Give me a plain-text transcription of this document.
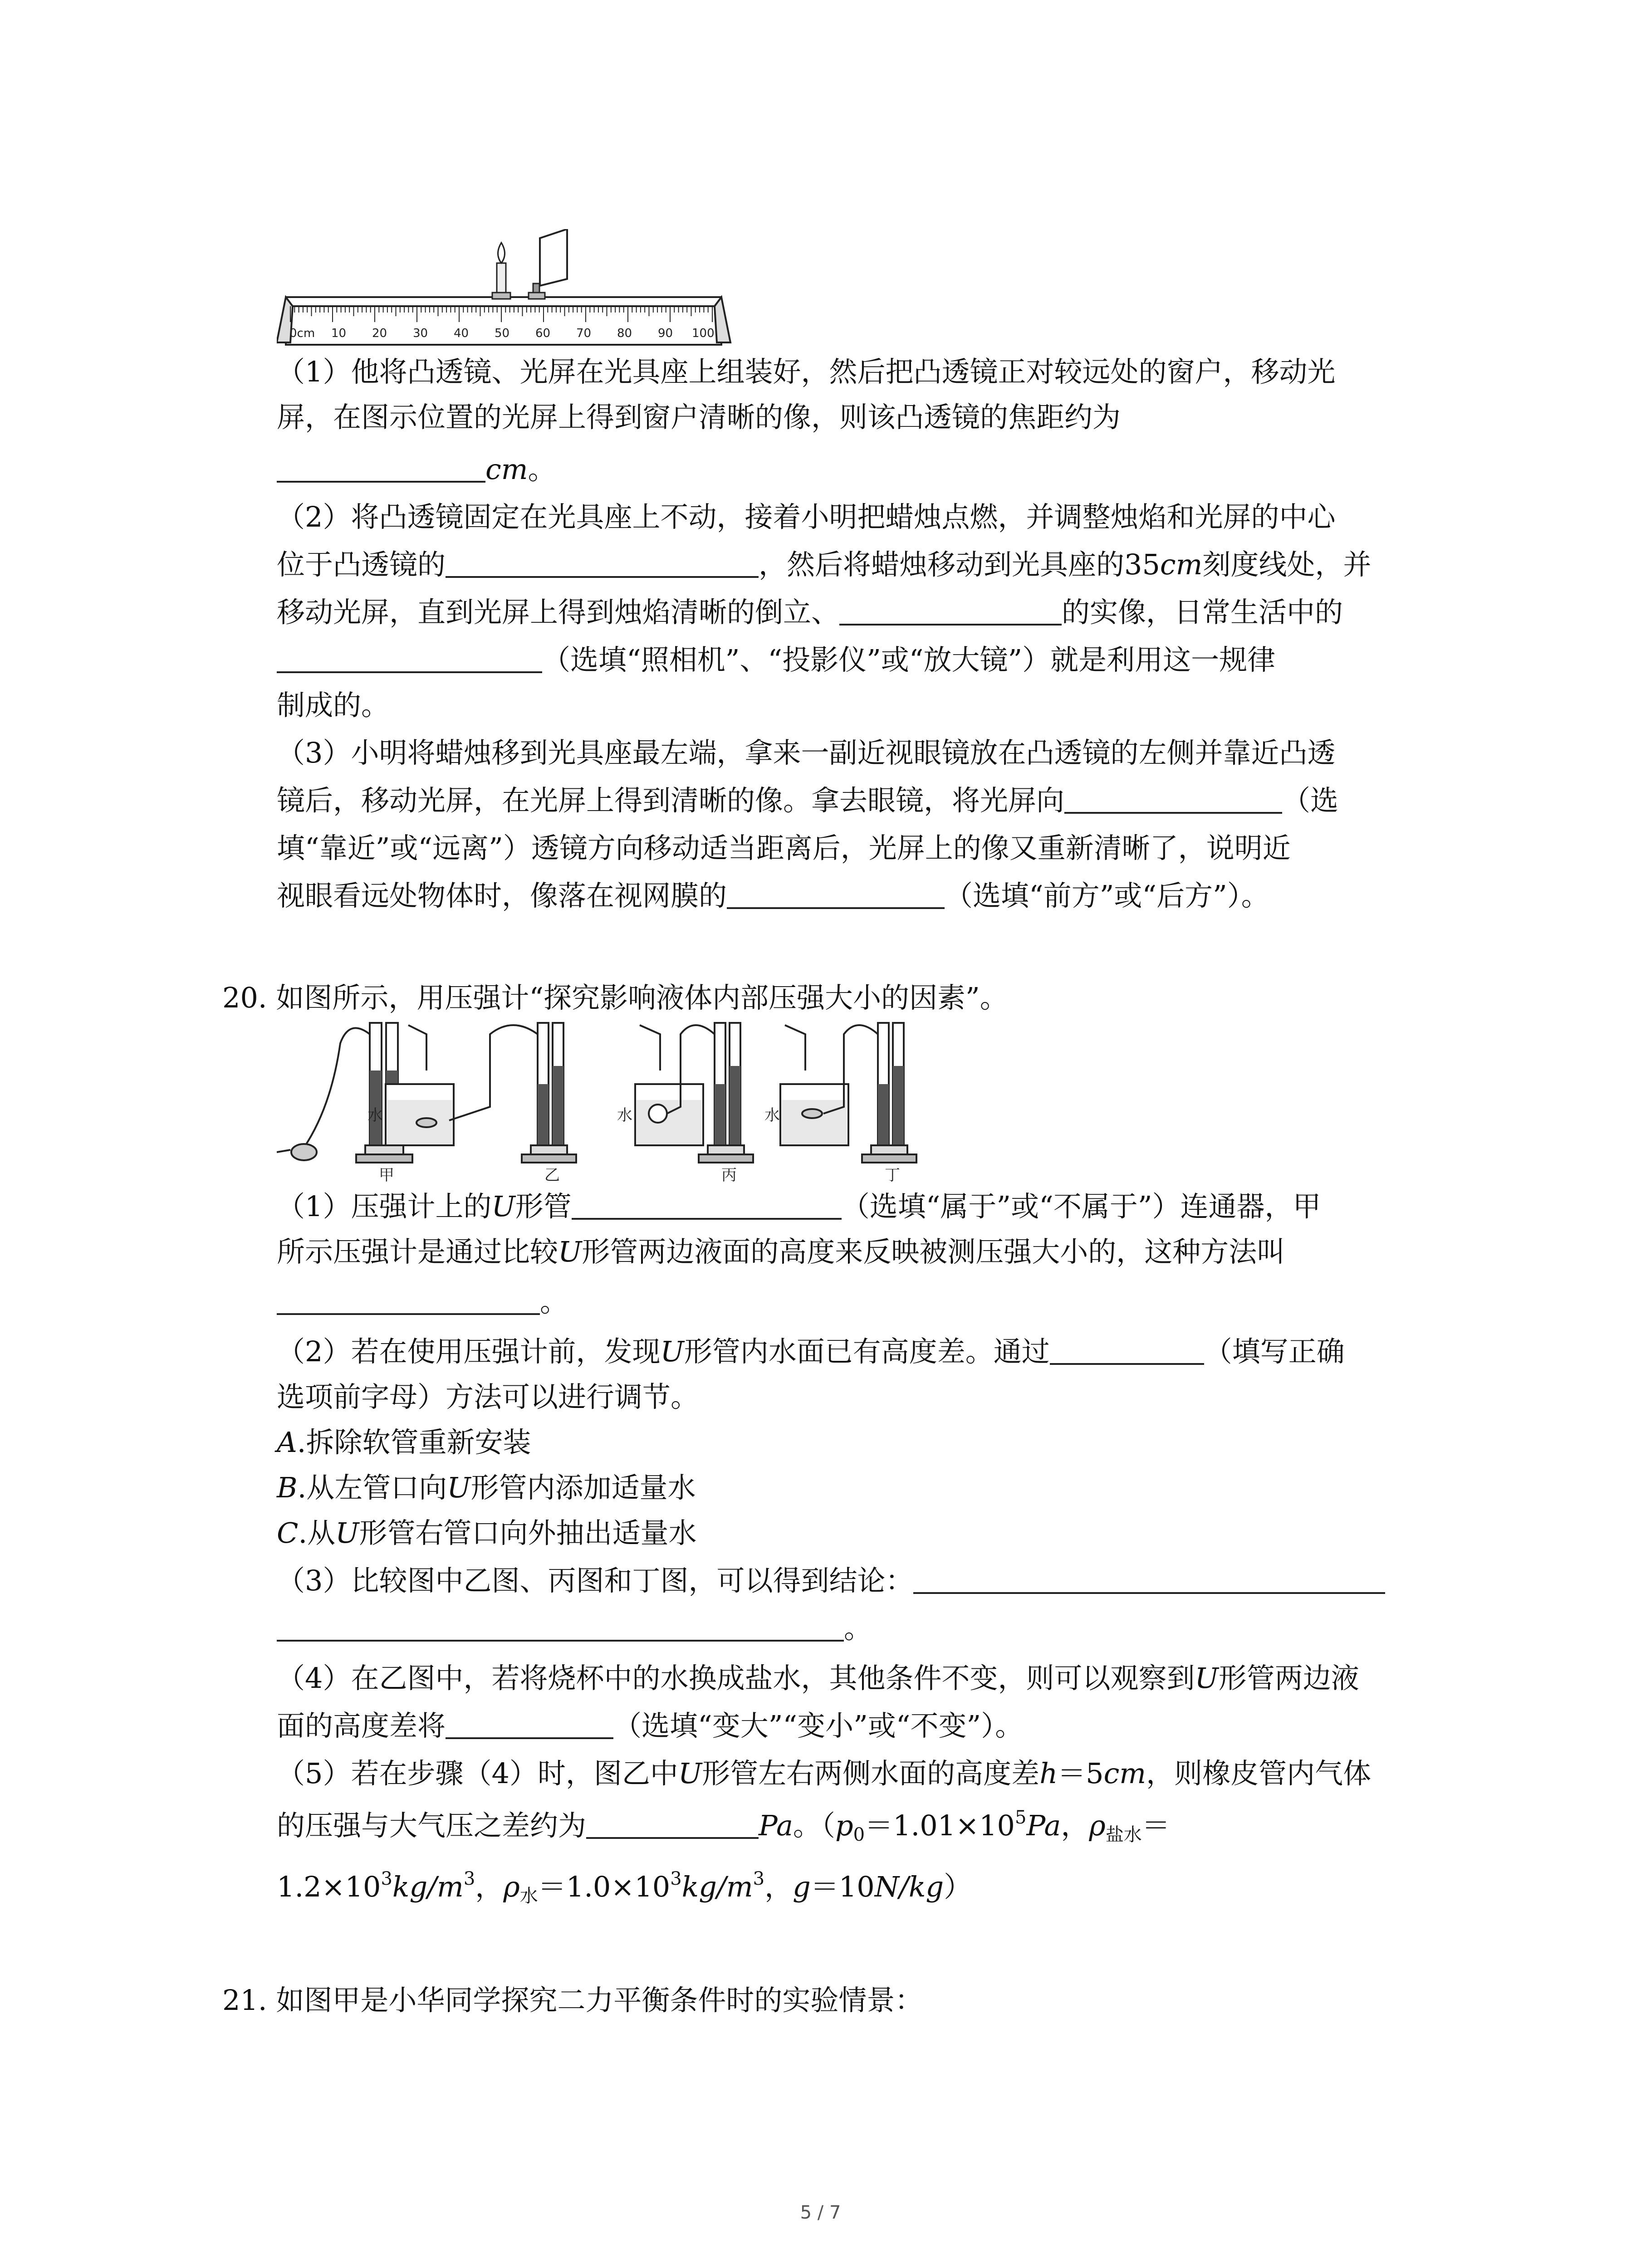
0cm 10 20 30 40 50 60 70 80 90 100
（1）他将凸透镜、光屏在光具座上组装好，然后把凸透镜正对较远处的窗户，移动光
屏，在图示位置的光屏上得到窗户清晰的像，则该凸透镜的焦距约为
cm。
（2）将凸透镜固定在光具座上不动，接着小明把蜡烛点燃，并调整烛焰和光屏的中心
位于凸透镜的	，然后将蜡烛移动到光具座的35cm刻度线处，并
移动光屏，直到光屏上得到烛焰清晰的倒立、	的实像，日常生活中的
（选填“照相机”、“投影仪”或“放大镜”）就是利用这一规律
制成的。
（3）小明将蜡烛移到光具座最左端，拿来一副近视眼镜放在凸透镜的左侧并靠近凸透
镜后，移动光屏，在光屏上得到清晰的像。拿去眼镜，将光屏向	（选
填“靠近”或“远离”）透镜方向移动适当距离后，光屏上的像又重新清晰了，说明近
视眼看远处物体时，像落在视网膜的	（选填“前方”或“后方”）。
20. 如图所示，用压强计“探究影响液体内部压强大小的因素”。
水	水	水
甲	乙	丙	丁
（1）压强计上的U形管	（选填“属于”或“不属于”）连通器，甲
所示压强计是通过比较U形管两边液面的高度来反映被测压强大小的，这种方法叫
。
（2）若在使用压强计前，发现U形管内水面已有高度差。通过	（填写正确
选项前字母）方法可以进行调节。
A.拆除软管重新安装
B.从左管口向U形管内添加适量水
C.从U形管右管口向外抽出适量水
（3）比较图中乙图、丙图和丁图，可以得到结论：
。
（4）在乙图中，若将烧杯中的水换成盐水，其他条件不变，则可以观察到U形管两边液
面的高度差将	（选填“变大”“变小”或“不变”）。
（5）若在步骤（4）时，图乙中U形管左右两侧水面的高度差h＝5cm，则橡皮管内气体
的压强与大气压之差约为	Pa。（$p_0=1.01\times 10^5Pa$，$\rho_{盐水}=$
$1.2\times 10^3kg/m^3$，$\rho_水=1.0\times 10^3kg/m^3$，g＝10N/kg）
21. 如图甲是小华同学探究二力平衡条件时的实验情景：
5 / 7
